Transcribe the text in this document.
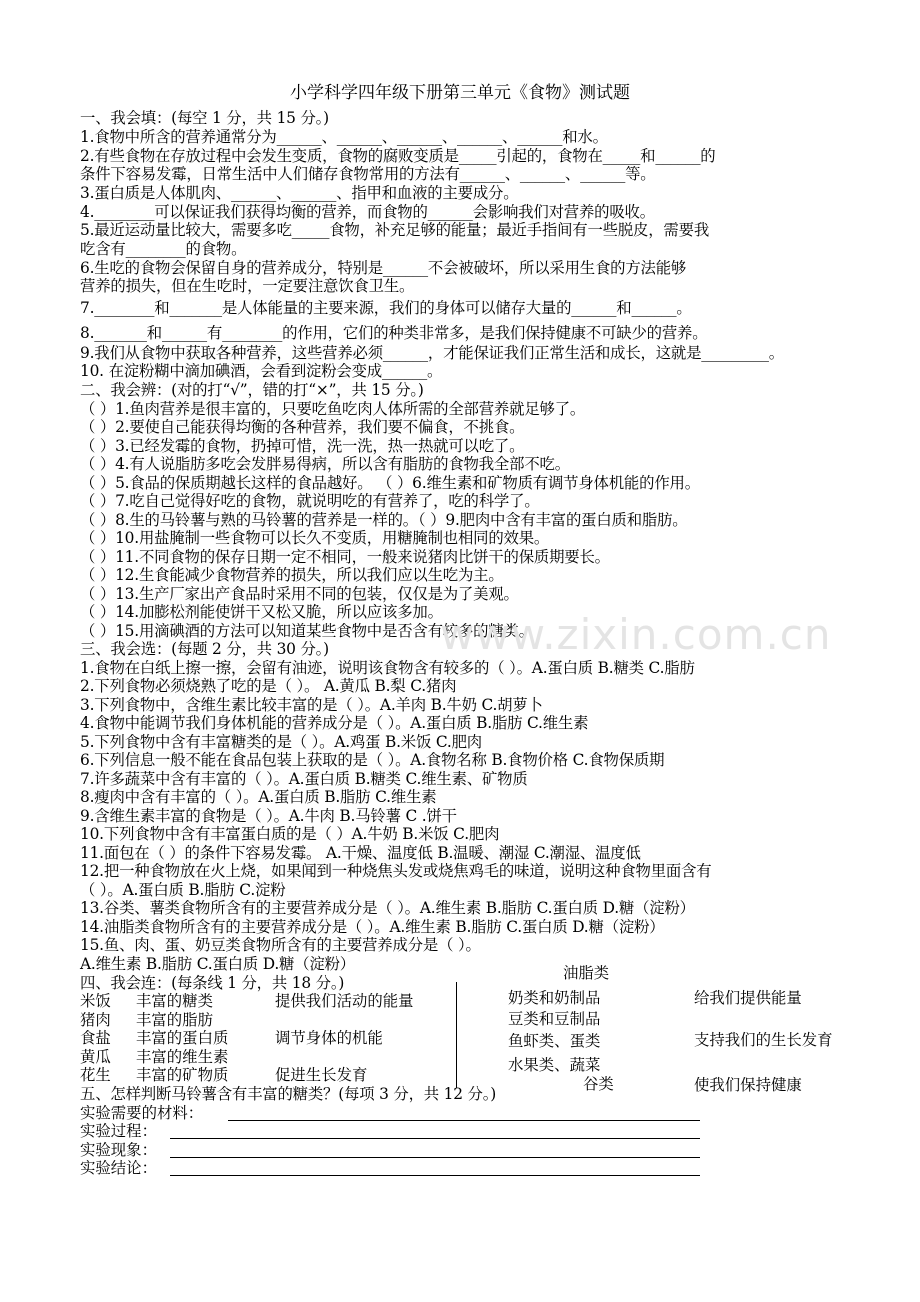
小学科学四年级下册第三单元《食物》测试题
一、我会填：(每空 1 分，共 15 分。)
1.食物中所含的营养通常分为______、______、______、______、______和水。
2.有些食物在存放过程中会发生变质，食物的腐败变质是_____引起的，食物在_____和______的
条件下容易发霉，日常生活中人们储存食物常用的方法有______、______、______等。
3.蛋白质是人体肌肉、______、______、指甲和血液的主要成分。
4.________可以保证我们获得均衡的营养，而食物的______会影响我们对营养的吸收。
5.最近运动量比较大，需要多吃_____食物，补充足够的能量；最近手指间有一些脱皮，需要我
吃含有________的食物。
6.生吃的食物会保留自身的营养成分，特别是______不会被破坏，所以采用生食的方法能够
营养的损失，但在生吃时，一定要注意饮食卫生。
7.________和_______是人体能量的主要来源，我们的身体可以储存大量的______和______。
8._______和______有________的作用，它们的种类非常多，是我们保持健康不可缺少的营养。
9.我们从食物中获取各种营养，这些营养必须______，才能保证我们正常生活和成长，这就是_________。
10. 在淀粉糊中滴加碘酒，会看到淀粉会变成______。
二、我会辨：(对的打“√”，错的打“×”，共 15 分。)
（ ）1.鱼肉营养是很丰富的，只要吃鱼吃肉人体所需的全部营养就足够了。
（ ）2.要使自己能获得均衡的各种营养，我们要不偏食，不挑食。
（ ）3.已经发霉的食物，扔掉可惜，洗一洗，热一热就可以吃了。
（ ）4.有人说脂肪多吃会发胖易得病，所以含有脂肪的食物我全部不吃。
（ ）5.食品的保质期越长这样的食品越好。 （ ）6.维生素和矿物质有调节身体机能的作用。
（ ）7.吃自己觉得好吃的食物，就说明吃的有营养了，吃的科学了。
（ ）8.生的马铃薯与熟的马铃薯的营养是一样的。（ ）9.肥肉中含有丰富的蛋白质和脂肪。
（ ）10.用盐腌制一些食物可以长久不变质，用糖腌制也相同的效果。
（ ）11.不同食物的保存日期一定不相同，一般来说猪肉比饼干的保质期要长。
（ ）12.生食能减少食物营养的损失，所以我们应以生吃为主。
（ ）13.生产厂家出产食品时采用不同的包装，仅仅是为了美观。
（ ）14.加膨松剂能使饼干又松又脆，所以应该多加。
（ ）15.用滴碘酒的方法可以知道某些食物中是否含有较多的糖类。
三、我会选：(每题 2 分，共 30 分。)
1.食物在白纸上擦一擦，会留有油迹，说明该食物含有较多的（ ）。A.蛋白质 B.糖类 C.脂肪
2.下列食物必须烧熟了吃的是（ ）。 A.黄瓜 B.梨 C.猪肉
3.下列食物中，含维生素比较丰富的是（ ）。A.羊肉 B.牛奶 C.胡萝卜
4.食物中能调节我们身体机能的营养成分是（ ）。A.蛋白质 B.脂肪 C.维生素
5.下列食物中含有丰富糖类的是（ ）。A.鸡蛋 B.米饭 C.肥肉
6.下列信息一般不能在食品包装上获取的是（ ）。A.食物名称 B.食物价格 C.食物保质期
7.许多蔬菜中含有丰富的（ ）。A.蛋白质 B.糖类 C.维生素、矿物质
8.瘦肉中含有丰富的（ ）。A.蛋白质 B.脂肪 C.维生素
9.含维生素丰富的食物是（ ）。A.牛肉 B.马铃薯 C .饼干
10.下列食物中含有丰富蛋白质的是（ ）A.牛奶 B.米饭 C.肥肉
11.面包在（ ）的条件下容易发霉。 A.干燥、温度低 B.温暖、潮湿 C.潮湿、温度低
12.把一种食物放在火上烧，如果闻到一种烧焦头发或烧焦鸡毛的味道，说明这种食物里面含有
（ ）。A.蛋白质 B.脂肪 C.淀粉
13.谷类、薯类食物所含有的主要营养成分是（ ）。A.维生素 B.脂肪 C.蛋白质 D.糖（淀粉）
14.油脂类食物所含有的主要营养成分是（ ）。A.维生素 B.脂肪 C.蛋白质 D.糖（淀粉）
15.鱼、肉、蛋、奶豆类食物所含有的主要营养成分是（ ）。
A.维生素 B.脂肪 C.蛋白质 D.糖（淀粉）
四、我会连：(每条线 1 分，共 18 分。)
米饭 丰富的糖类	提供我们活动的能量
猪肉 丰富的脂肪
食盐 丰富的蛋白质	调节身体的机能
黄瓜 丰富的维生素
花生 丰富的矿物质	促进生长发育
油脂类
奶类和奶制品
豆类和豆制品
鱼虾类、蛋类
水果类、蔬菜
谷类
给我们提供能量
支持我们的生长发育
使我们保持健康
五、怎样判断马铃薯含有丰富的糖类？(每项 3 分，共 12 分。)
实验需要的材料：
实验过程：
实验现象：
实验结论：
www.zixin.com.cn
